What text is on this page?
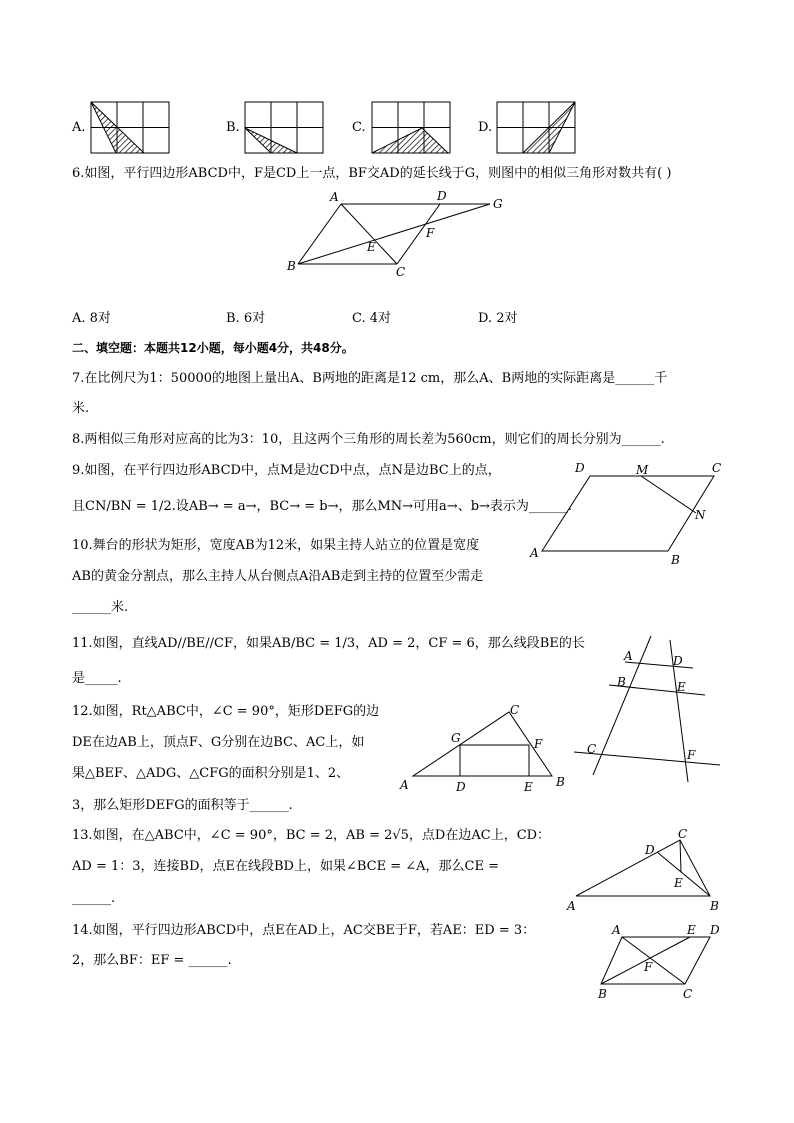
A.	B.	C.	D.
6.如图，平行四边形ABCD中，F是CD上一点，BF交AD的延长线于G，则图中的相似三角形对数共有( )
A	D
G
E
F
B	C
A. 8对	B. 6对	C. 4对	D. 2对
二、填空题：本题共12小题，每小题4分，共48分。
7.在比例尺为1：50000的地图上量出A、B两地的距离是12 cm，那么A、B两地的实际距离是______千
米.
8.两相似三角形对应高的比为3：10，且这两个三角形的周长差为560cm，则它们的周长分别为______.
9.如图，在平行四边形ABCD中，点M是边CD中点，点N是边BC上的点，
且CN/BN = 1/2.设AB→ = a→，BC→ = b→，那么MN→可用a→、b→表示为______.
D	M	C
N
A	B
10.舞台的形状为矩形，宽度AB为12米，如果主持人站立的位置是宽度
AB的黄金分割点，那么主持人从台侧点A沿AB走到主持的位置至少需走
______米.
11.如图，直线AD//BE//CF，如果AB/BC = 1/3，AD = 2，CF = 6，那么线段BE的长
是_____.
A	D
B	E
C	F
12.如图，Rt△ABC中，∠C = 90°，矩形DEFG的边
DE在边AB上，顶点F、G分别在边BC、AC上，如
果△BEF、△ADG、△CFG的面积分别是1、2、
3，那么矩形DEFG的面积等于______.
G
C
F
A	D	E B
13.如图，在△ABC中，∠C = 90°，BC = 2，AB = 2√5，点D在边AC上，CD：
AD = 1：3，连接BD，点E在线段BD上，如果∠BCE = ∠A，那么CE =
______.
C
D
E
A	B
14.如图，平行四边形ABCD中，点E在AD上，AC交BE于F，若AE：ED = 3：
2，那么BF：EF = ______.
A	E D
F
B	C
